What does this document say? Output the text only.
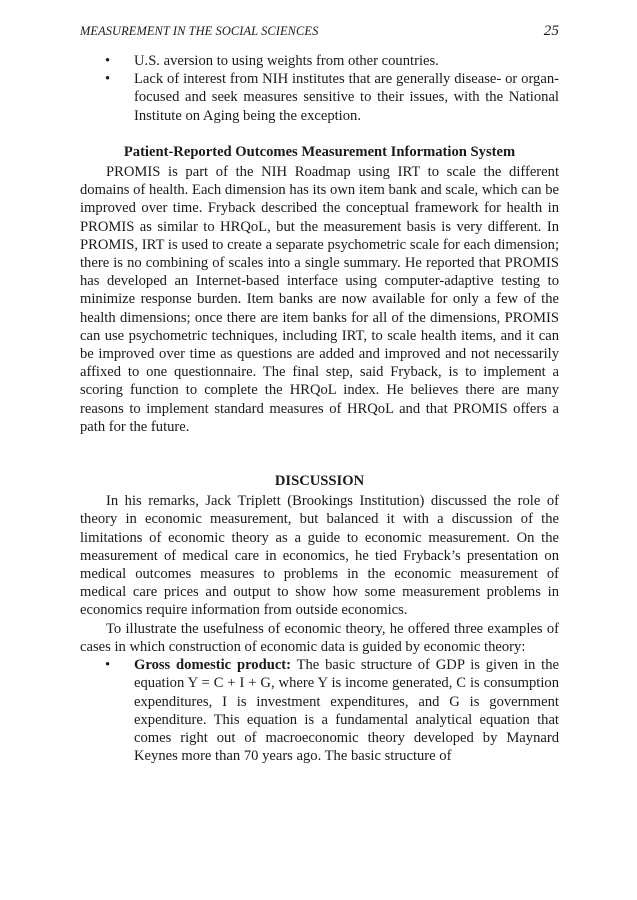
MEASUREMENT IN THE SOCIAL SCIENCES	25
• U.S. aversion to using weights from other countries.
• Lack of interest from NIH institutes that are generally disease- or organ-focused and seek measures sensitive to their issues, with the National Institute on Aging being the exception.
Patient-Reported Outcomes Measurement Information System

PROMIS is part of the NIH Roadmap using IRT to scale the different domains of health. Each dimension has its own item bank and scale, which can be improved over time. Fryback described the conceptual framework for health in PROMIS as similar to HRQoL, but the measurement basis is very different. In PROMIS, IRT is used to create a separate psychometric scale for each dimension; there is no combining of scales into a single summary. He reported that PROMIS has developed an Internet-based interface using computer-adaptive testing to minimize response burden. Item banks are now available for only a few of the health dimensions; once there are item banks for all of the dimensions, PROMIS can use psychometric techniques, including IRT, to scale health items, and it can be improved over time as questions are added and improved and not necessarily affixed to one questionnaire. The final step, said Fryback, is to implement a scoring function to complete the HRQoL index. He believes there are many reasons to implement standard measures of HRQoL and that PROMIS offers a path for the future.

DISCUSSION

In his remarks, Jack Triplett (Brookings Institution) discussed the role of theory in economic measurement, but balanced it with a discussion of the limitations of economic theory as a guide to economic measurement. On the measurement of medical care in economics, he tied Fryback’s presentation on medical outcomes measures to problems in the economic measurement of medical care prices and output to show how some measurement problems in economics require information from outside economics.

To illustrate the usefulness of economic theory, he offered three examples of cases in which construction of economic data is guided by economic theory:

• Gross domestic product: The basic structure of GDP is given in the equation Y = C + I + G, where Y is income generated, C is consumption expenditures, I is investment expenditures, and G is government expenditure. This equation is a fundamental analytical equation that comes right out of macroeconomic theory developed by Maynard Keynes more than 70 years ago. The basic structure of
